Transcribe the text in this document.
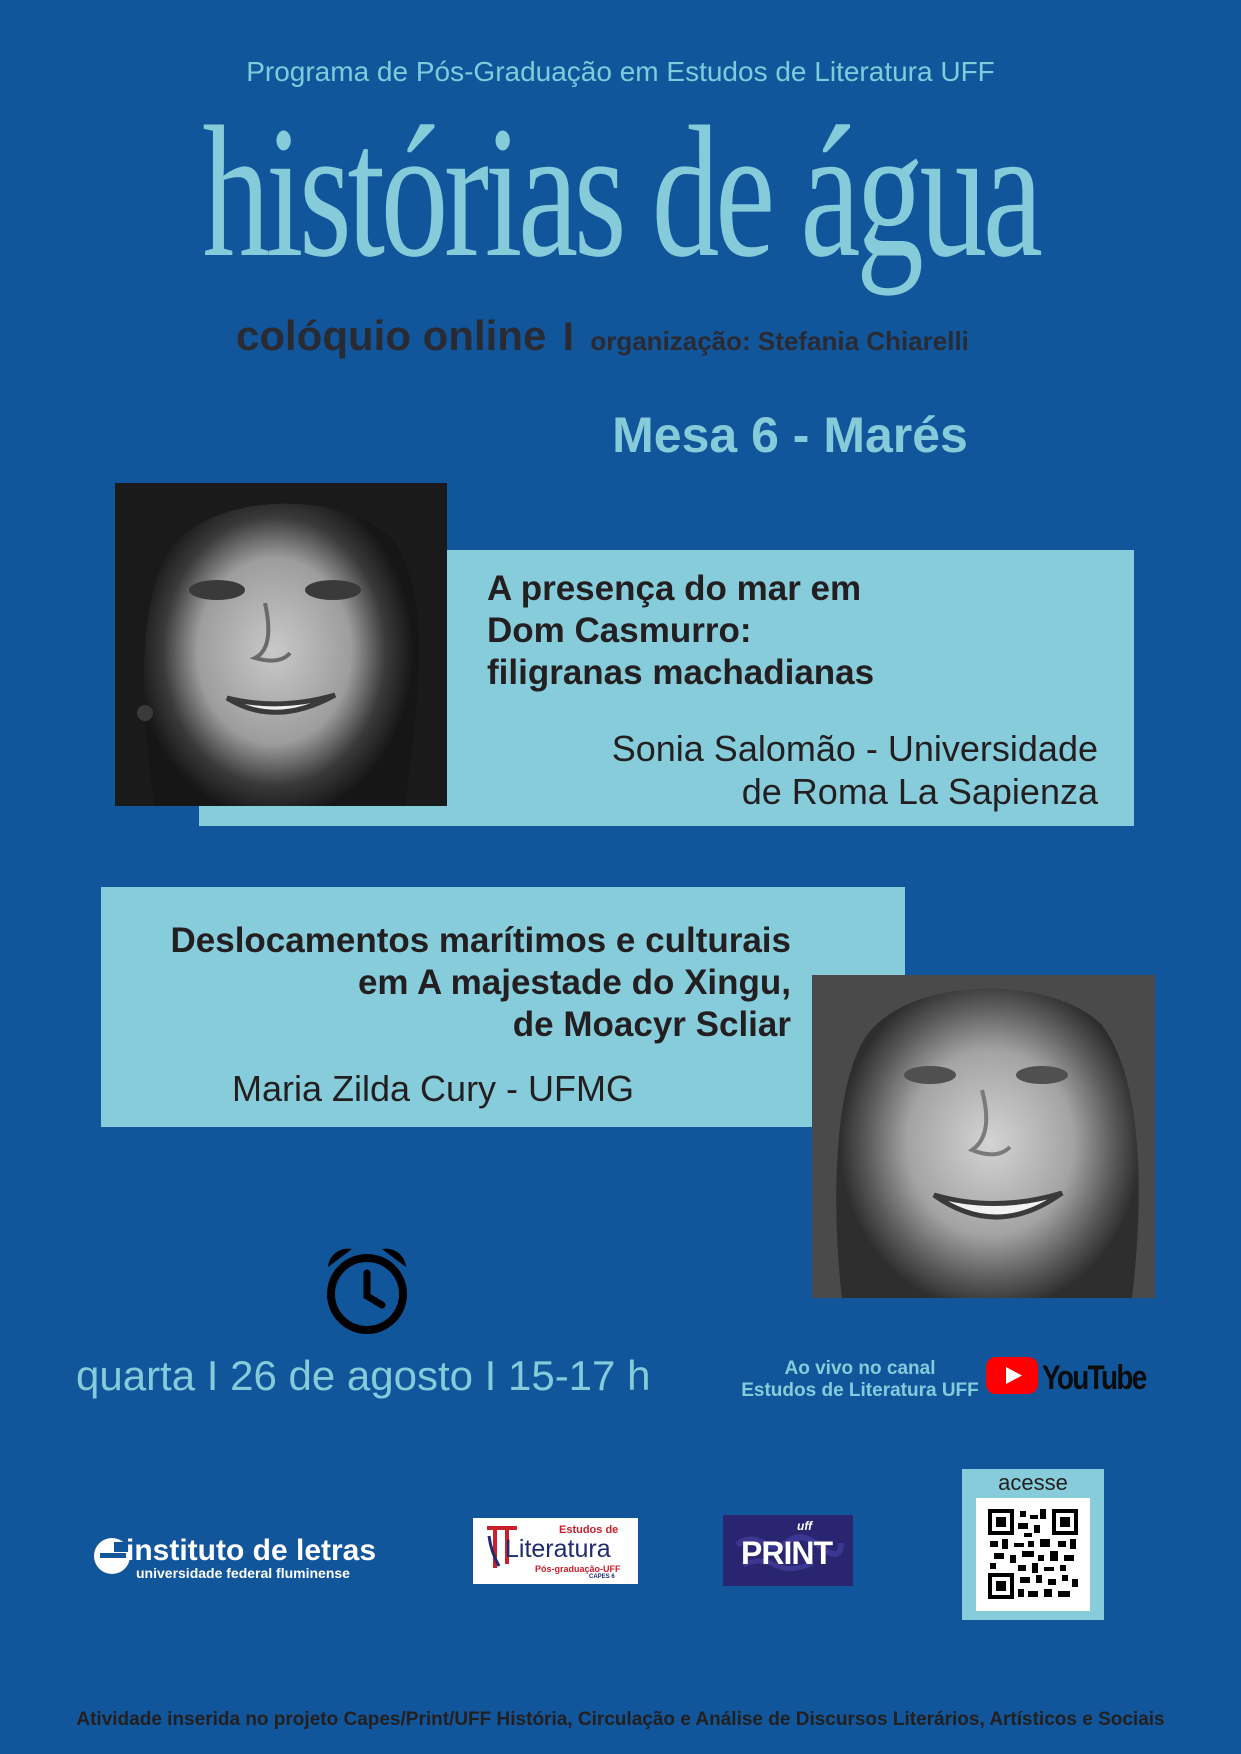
Programa de Pós-Graduação em Estudos de Literatura UFF
histórias de água
colóquio online I organização: Stefania Chiarelli
Mesa 6 - Marés
A presença do mar em
Dom Casmurro:
filigranas machadianas
Sonia Salomão - Universidade
de Roma La Sapienza
Deslocamentos marítimos e culturais
em A majestade do Xingu,
de Moacyr Scliar
Maria Zilda Cury - UFMG
quarta I 26 de agosto I 15-17 h	Ao vivo no canal
Estudos de Literatura UFF	YouTube
instituto de letras
universidade federal fluminense
Estudos de
Literatura
Pós-graduação-UFF
CAPES 6
uff
PRINT
acesse
Atividade inserida no projeto Capes/Print/UFF História, Circulação e Análise de Discursos Literários, Artísticos e Sociais
